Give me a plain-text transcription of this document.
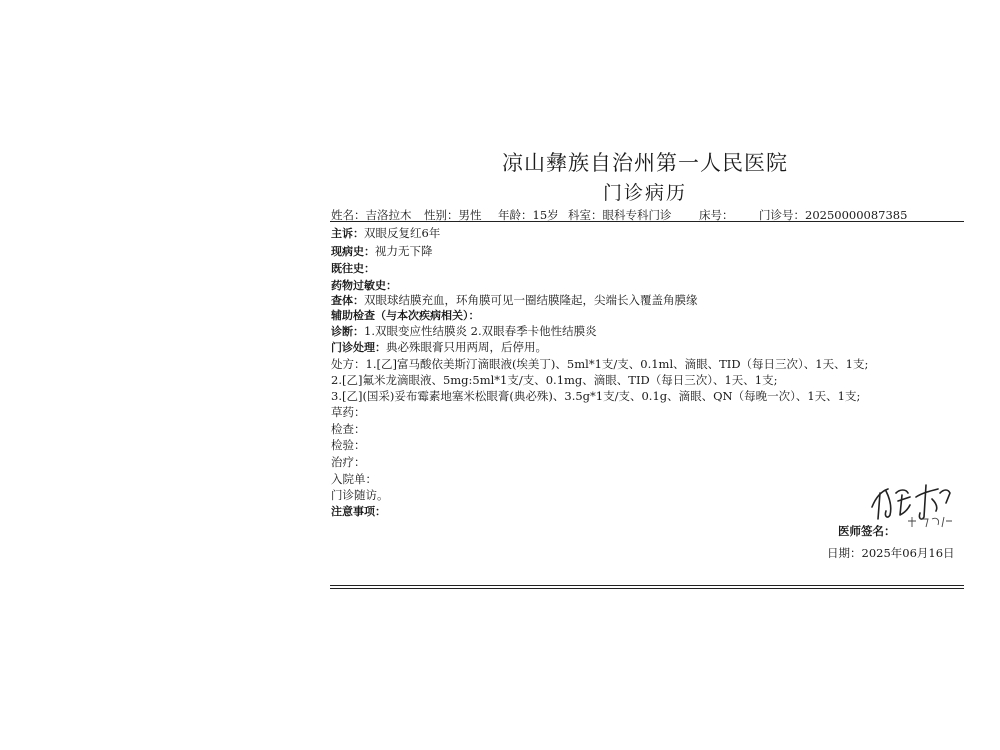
凉山彝族自治州第一人民医院
门诊病历
姓名：吉洛拉木 性别：男性 年龄：15岁 科室：眼科专科门诊 床号： 门诊号：20250000087385
主诉：双眼反复红6年
现病史：视力无下降
既往史：
药物过敏史：
查体：双眼球结膜充血，环角膜可见一圈结膜隆起，尖端长入覆盖角膜缘
辅助检查（与本次疾病相关）：
诊断：1.双眼变应性结膜炎 2.双眼春季卡他性结膜炎
门诊处理：典必殊眼膏只用两周，后停用。
处方：1.[乙]富马酸依美斯汀滴眼液(埃美丁)、5ml*1支/支、0.1ml、滴眼、TID（每日三次）、1天、1支;
2.[乙]氟米龙滴眼液、5mg:5ml*1支/支、0.1mg、滴眼、TID（每日三次）、1天、1支;
3.[乙](国采)妥布霉素地塞米松眼膏(典必殊)、3.5g*1支/支、0.1g、滴眼、QN（每晚一次）、1天、1支;
草药：
检查：
检验：
治疗：
入院单：
门诊随访。
注意事项：
医师签名：
日期：2025年06月16日
